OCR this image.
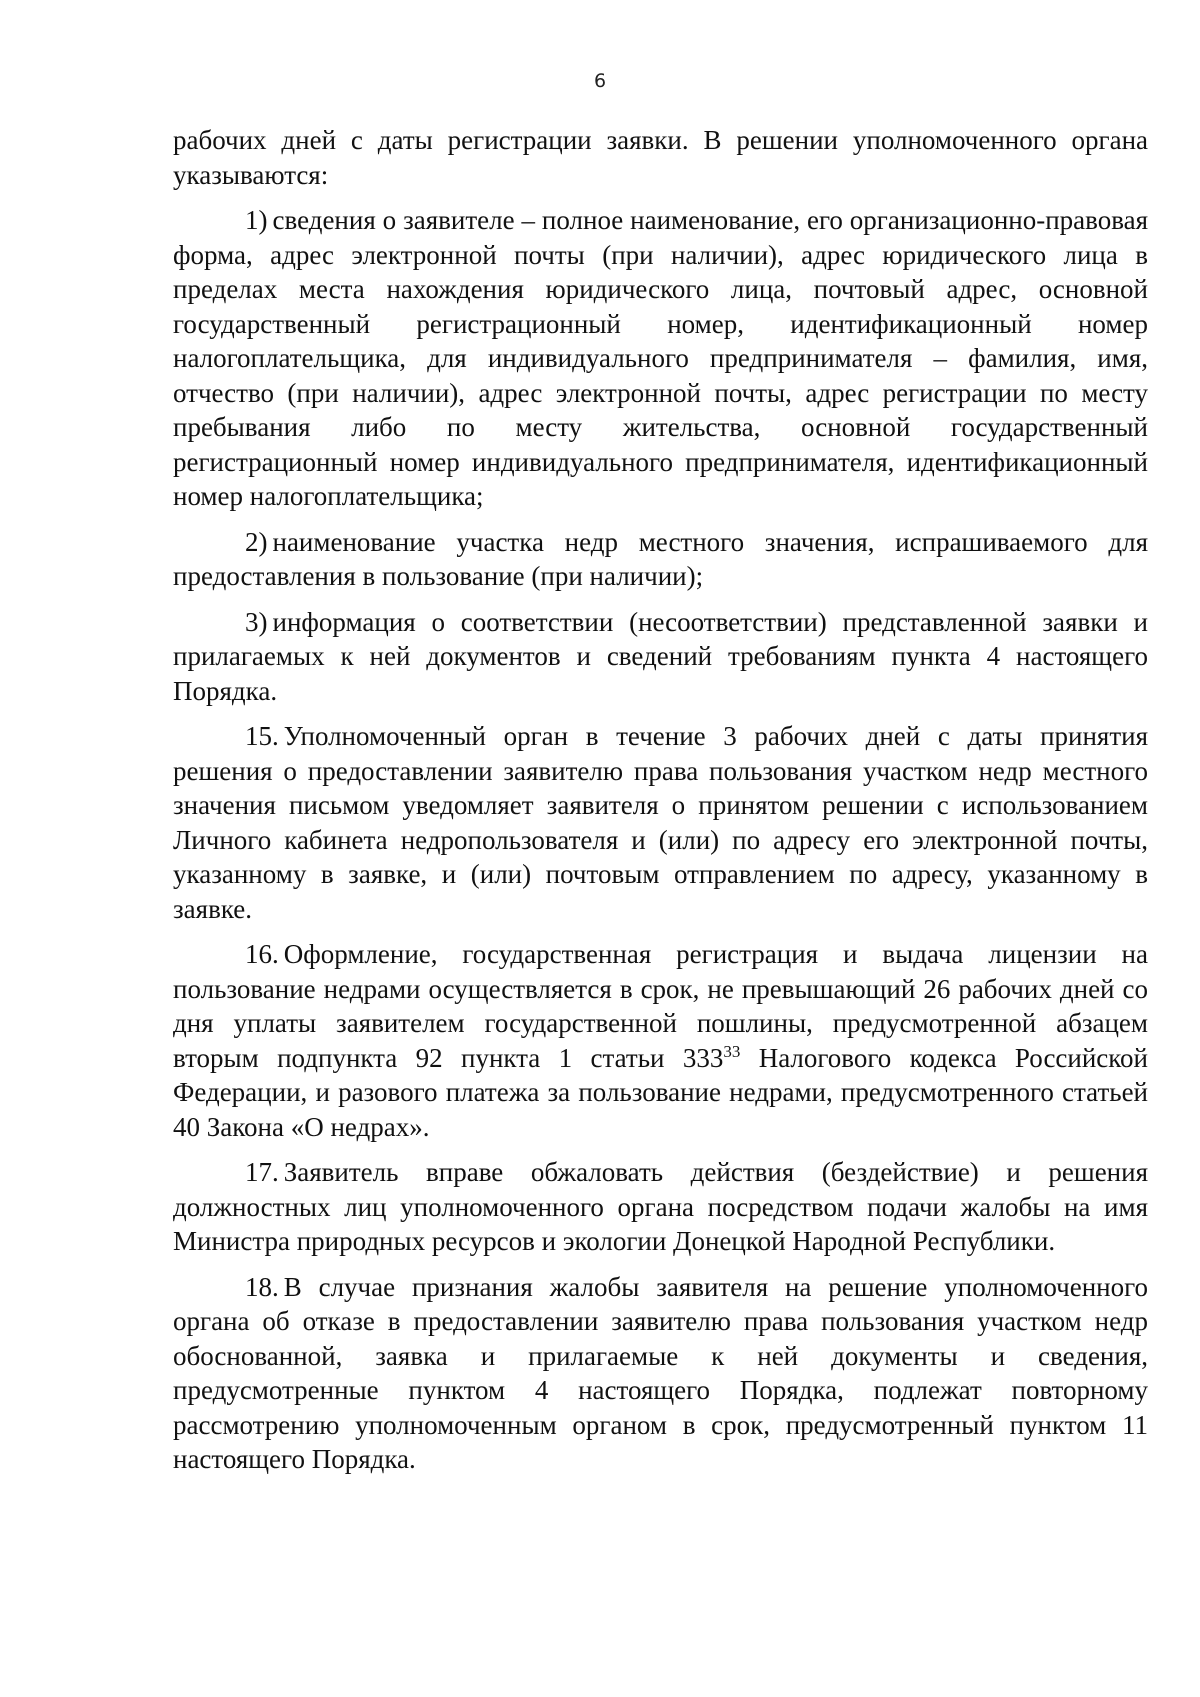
6

рабочих дней с даты регистрации заявки. В решении уполномоченного органа указываются:

1) сведения о заявителе – полное наименование, его организационно-правовая форма, адрес электронной почты (при наличии), адрес юридического лица в пределах места нахождения юридического лица, почтовый адрес, основной государственный регистрационный номер, идентификационный номер налогоплательщика, для индивидуального предпринимателя – фамилия, имя, отчество (при наличии), адрес электронной почты, адрес регистрации по месту пребывания либо по месту жительства, основной государственный регистрационный номер индивидуального предпринимателя, идентификационный номер налогоплательщика;

2) наименование участка недр местного значения, испрашиваемого для предоставления в пользование (при наличии);

3) информация о соответствии (несоответствии) представленной заявки и прилагаемых к ней документов и сведений требованиям пункта 4 настоящего Порядка.

15. Уполномоченный орган в течение 3 рабочих дней с даты принятия решения о предоставлении заявителю права пользования участком недр местного значения письмом уведомляет заявителя о принятом решении с использованием Личного кабинета недропользователя и (или) по адресу его электронной почты, указанному в заявке, и (или) почтовым отправлением по адресу, указанному в заявке.

16. Оформление, государственная регистрация и выдача лицензии на пользование недрами осуществляется в срок, не превышающий 26 рабочих дней со дня уплаты заявителем государственной пошлины, предусмотренной абзацем вторым подпункта 92 пункта 1 статьи $333^{33}$ Налогового кодекса Российской Федерации, и разового платежа за пользование недрами, предусмотренного статьей 40 Закона «О недрах».

17. Заявитель вправе обжаловать действия (бездействие) и решения должностных лиц уполномоченного органа посредством подачи жалобы на имя Министра природных ресурсов и экологии Донецкой Народной Республики.

18. В случае признания жалобы заявителя на решение уполномоченного органа об отказе в предоставлении заявителю права пользования участком недр обоснованной, заявка и прилагаемые к ней документы и сведения, предусмотренные пунктом 4 настоящего Порядка, подлежат повторному рассмотрению уполномоченным органом в срок, предусмотренный пунктом 11 настоящего Порядка.
